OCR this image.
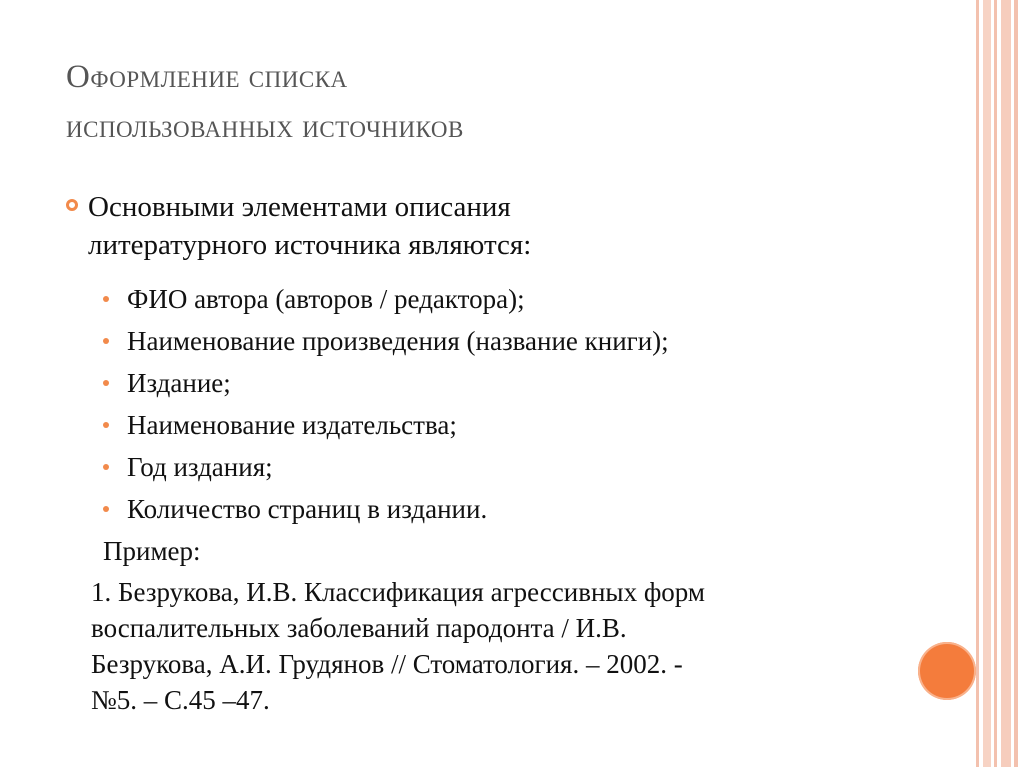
Оформление списка
использованных источников
Основными элементами описания
литературного источника являются:
ФИО автора (авторов / редактора);
Наименование произведения (название книги);
Издание;
Наименование издательства;
Год издания;
Количество страниц в издании.
Пример:
1. Безрукова, И.В. Классификация агрессивных форм
воспалительных заболеваний пародонта / И.В.
Безрукова, А.И. Грудянов // Стоматология. – 2002. -
№5. – С.45 –47.
